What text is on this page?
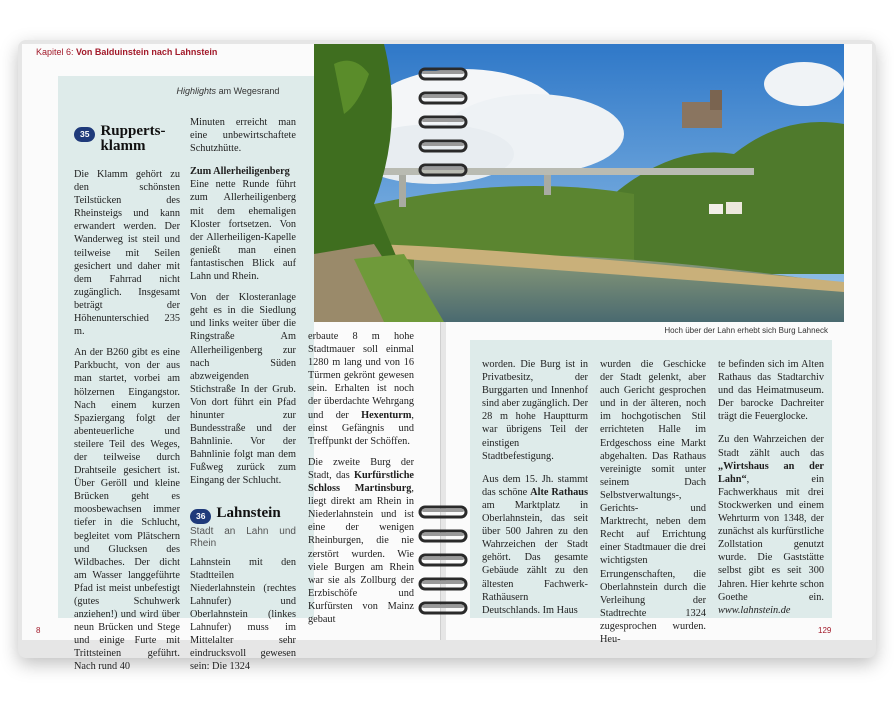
Kapitel 6: Von Balduinstein nach Lahnstein
Highlights am Wegesrand
35 Rupperts-klamm

Die Klamm gehört zu den schönsten Teilstücken des Rheinsteigs und kann erwandert werden. Der Wanderweg ist steil und teilweise mit Seilen gesichert und daher mit dem Fahrrad nicht zugänglich. Insgesamt beträgt der Höhenunterschied 235 m.

An der B260 gibt es eine Parkbucht, von der aus man startet, vorbei am hölzernen Eingangstor. Nach einem kurzen Spaziergang folgt der abenteuerliche und steilere Teil des Weges, der teilweise durch Drahtseile gesichert ist. Über Geröll und kleine Brücken geht es moosbewachsen immer tiefer in die Schlucht, begleitet vom Plätschern und Glucksen des Wildbaches. Der dicht am Wasser langgeführte Pfad ist meist unbefestigt (gutes Schuhwerk anziehen!) und wird über neun Brücken und Stege und einige Furte mit Trittsteinen geführt. Nach rund 40

Minuten erreicht man eine unbewirtschaftete Schutzhütte.

Zum Allerheiligenberg
Eine nette Runde führt zum Allerheiligenberg mit dem ehemaligen Kloster fortsetzen. Von der Allerheiligen-Kapelle genießt man einen fantastischen Blick auf Lahn und Rhein.

Von der Klosteranlage geht es in die Siedlung und links weiter über die Ringstraße Am Allerheiligenberg zur nach Süden abzweigenden Stichstraße In der Grub. Von dort führt ein Pfad hinunter zur Bundesstraße und der Bahnlinie. Vor der Bahnlinie folgt man dem Fußweg zurück zum Eingang der Schlucht.

36 Lahnstein
Stadt an Lahn und Rhein

Lahnstein mit den Stadtteilen Niederlahnstein (rechtes Lahnufer) und Oberlahnstein (linkes Lahnufer) muss im Mittelalter sehr eindrucksvoll gewesen sein: Die 1324

erbaute 8 m hohe Stadtmauer soll einmal 1280 m lang und von 16 Türmen gekrönt gewesen sein. Erhalten ist noch der überdachte Wehrgang und der Hexenturm, einst Gefängnis und Treffpunkt der Schöffen.

Die zweite Burg der Stadt, das Kurfürstliche Schloss Martinsburg, liegt direkt am Rhein in Niederlahnstein und ist eine der wenigen Rheinburgen, die nie zerstört wurden. Wie viele Burgen am Rhein war sie als Zollburg der Erzbischöfe und Kurfürsten von Mainz gebaut

Hoch über der Lahn erhebt sich Burg Lahneck

worden. Die Burg ist in Privatbesitz, der Burggarten und Innenhof sind aber zugänglich. Der 28 m hohe Hauptturm war übrigens Teil der einstigen Stadtbefestigung.

Aus dem 15. Jh. stammt das schöne Alte Rathaus am Marktplatz in Oberlahnstein, das seit über 500 Jahren zu den Wahrzeichen der Stadt gehört. Das gesamte Gebäude zählt zu den ältesten Fachwerk-Rathäusern Deutschlands. Im Haus

wurden die Geschicke der Stadt gelenkt, aber auch Gericht gesprochen und in der älteren, noch im hochgotischen Stil errichteten Halle im Erdgeschoss eine Markt abgehalten. Das Rathaus vereinigte somit unter seinem Dach Selbstverwaltungs-, Gerichts- und Marktrecht, neben dem Recht auf Errichtung einer Stadtmauer die drei wichtigsten Errungenschaften, die Oberlahnstein durch die Verleihung der Stadtrechte 1324 zugesprochen wurden. Heu-

te befinden sich im Alten Rathaus das Stadtarchiv und das Heimatmuseum. Der barocke Dachreiter trägt die Feuerglocke.

Zu den Wahrzeichen der Stadt zählt auch das „Wirtshaus an der Lahn“, ein Fachwerkhaus mit drei Stockwerken und einem Wehrturm von 1348, der zunächst als kurfürstliche Zollstation genutzt wurde. Die Gaststätte selbst gibt es seit 300 Jahren. Hier kehrte schon Goethe ein. www.lahnstein.de

8	129
